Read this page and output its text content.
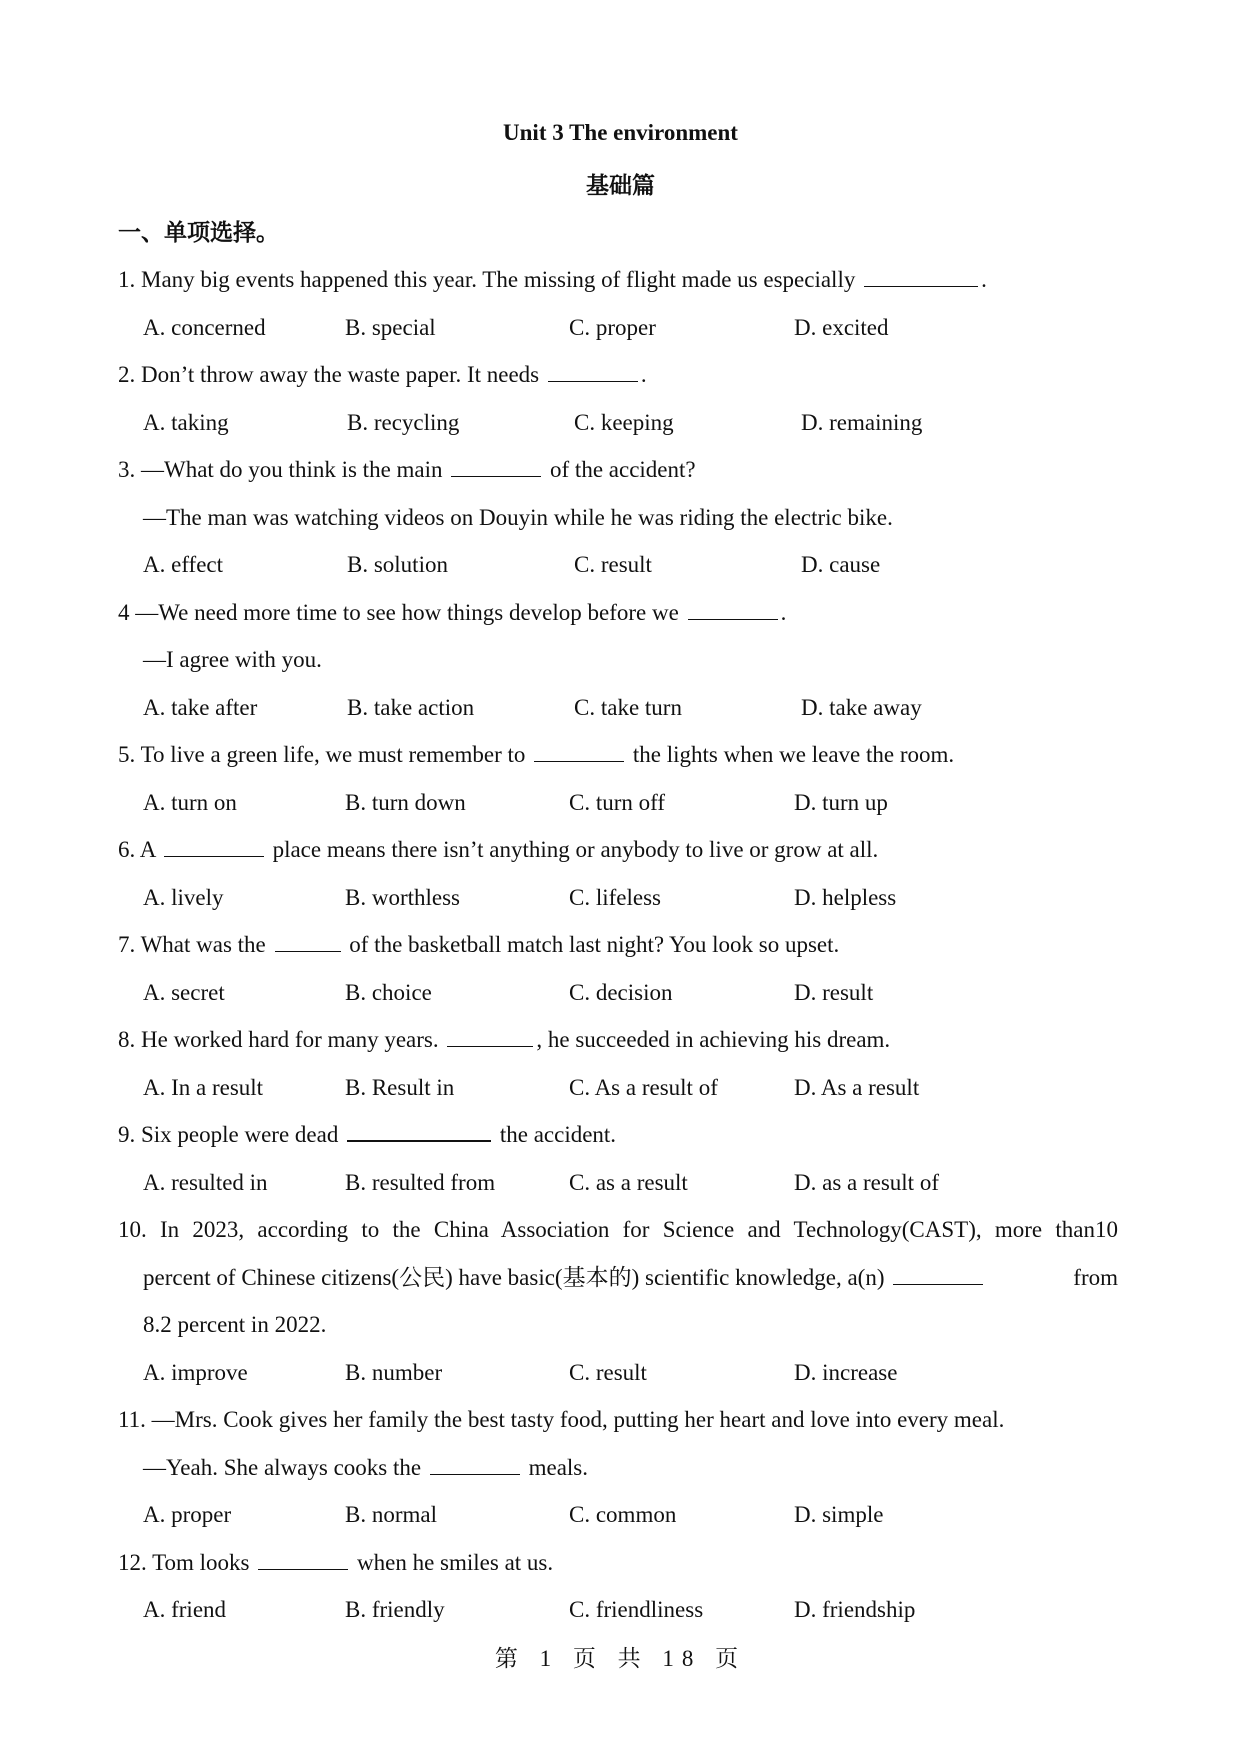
Unit 3 The environment
基础篇
一、单项选择。
1. Many big events happened this year. The missing of flight made us especially	.
A. concerned	B. special	C. proper	D. excited
2. Don’t throw away the waste paper. It needs	.
A. taking	B. recycling	C. keeping	D. remaining
3. —What do you think is the main	of the accident?
—The man was watching videos on Douyin while he was riding the electric bike.
A. effect	B. solution	C. result	D. cause
4 —We need more time to see how things develop before we	.
—I agree with you.
A. take after	B. take action	C. take turn	D. take away
5. To live a green life, we must remember to	the lights when we leave the room.
A. turn on	B. turn down	C. turn off	D. turn up
6. A	place means there isn’t anything or anybody to live or grow at all.
A. lively	B. worthless	C. lifeless	D. helpless
7. What was the	of the basketball match last night? You look so upset.
A. secret	B. choice	C. decision	D. result
8. He worked hard for many years.	, he succeeded in achieving his dream.
A. In a result	B. Result in	C. As a result of	D. As a result
9. Six people were dead	the accident.
A. resulted in	B. resulted from	C. as a result	D. as a result of
10. In 2023, according to the China Association for Science and Technology(CAST), more than10
percent of Chinese citizens(公民) have basic(基本的) scientific knowledge, a(n)	from
8.2 percent in 2022.
A. improve	B. number	C. result	D. increase
11. —Mrs. Cook gives her family the best tasty food, putting her heart and love into every meal.
—Yeah. She always cooks the	meals.
A. proper	B. normal	C. common	D. simple
12. Tom looks	when he smiles at us.
A. friend	B. friendly	C. friendliness	D. friendship
第 1 页 共 18 页
